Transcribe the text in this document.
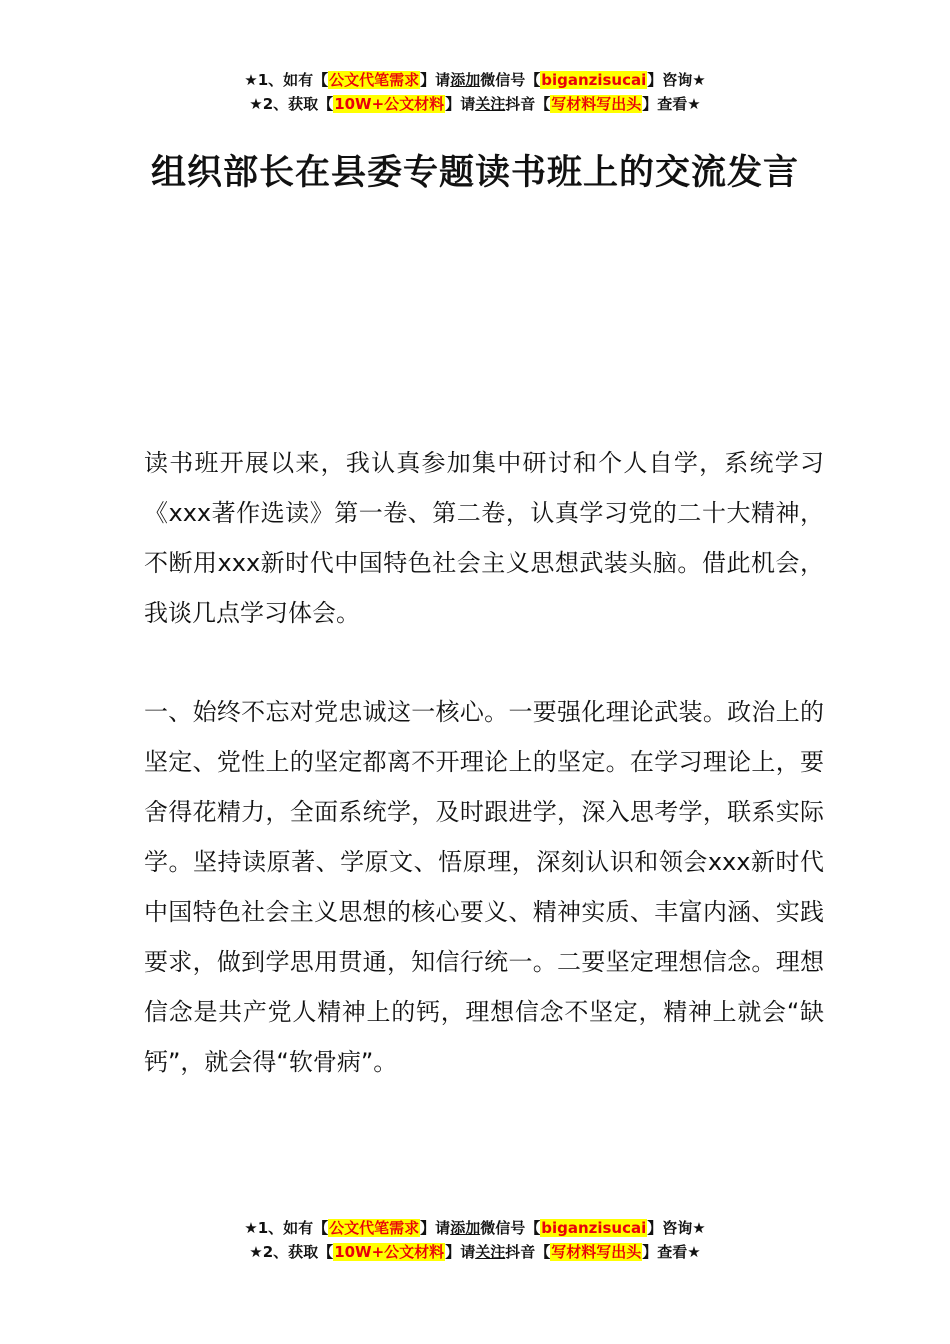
★1、如有【公文代笔需求】请添加微信号【biganzisucai】咨询★
★2、获取【10W+公文材料】请关注抖音【写材料写出头】查看★
组织部长在县委专题读书班上的交流发言

读书班开展以来，我认真参加集中研讨和个人自学，系统学习《xxx著作选读》第一卷、第二卷，认真学习党的二十大精神，不断用xxx新时代中国特色社会主义思想武装头脑。借此机会，我谈几点学习体会。

一、始终不忘对党忠诚这一核心。一要强化理论武装。政治上的坚定、党性上的坚定都离不开理论上的坚定。在学习理论上，要舍得花精力，全面系统学，及时跟进学，深入思考学，联系实际学。坚持读原著、学原文、悟原理，深刻认识和领会xxx新时代中国特色社会主义思想的核心要义、精神实质、丰富内涵、实践要求，做到学思用贯通，知信行统一。二要坚定理想信念。理想信念是共产党人精神上的钙，理想信念不坚定，精神上就会“缺钙”，就会得“软骨病”。

★1、如有【公文代笔需求】请添加微信号【biganzisucai】咨询★
★2、获取【10W+公文材料】请关注抖音【写材料写出头】查看★
